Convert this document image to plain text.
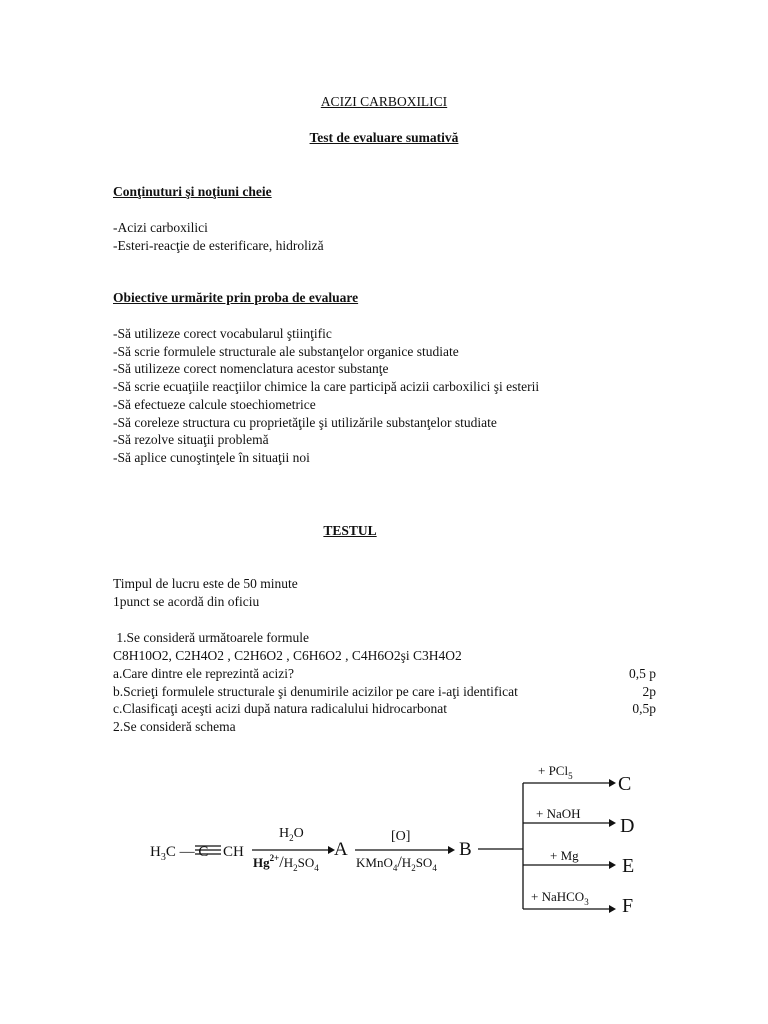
ACIZI CARBOXILICI
Test de evaluare sumativă
Conţinuturi şi noţiuni cheie
-Acizi carboxilici
-Esteri-reacţie de esterificare, hidroliză
Obiective urmărite prin proba de evaluare
-Să utilizeze corect vocabularul ştiinţific
-Să scrie formulele structurale ale substanţelor organice studiate
-Să utilizeze corect nomenclatura acestor substanţe
-Să scrie ecuaţiile reacţiilor chimice la care participă acizii carboxilici şi esterii
-Să efectueze calcule stoechiometrice
-Să coreleze structura cu proprietăţile şi utilizările substanţelor studiate
-Să rezolve situaţii problemă
-Să aplice cunoştinţele în situaţii noi
TESTUL
Timpul de lucru este de 50 minute
1punct se acordă din oficiu
1.Se consideră următoarele formule
C8H10O2, C2H4O2 , C2H6O2 , C6H6O2 , C4H6O2şi C3H4O2
a.Care dintre ele reprezintă acizi?	0,5 p
b.Scrieţi formulele structurale şi denumirile acizilor pe care i-aţi identificat	2p
c.Clasificaţi aceşti acizi după natura radicalului hidrocarbonat	0,5p
2.Se consideră schema
$H_3C$ — C CH
$H_2O$
$Hg^{2+}/H_2SO_4$
A
[O]
$KMnO_4/H_2SO_4$
B
+ PCl$_5$ C
+ NaOH
D
+ Mg E
+ NaHCO$_3$ F
